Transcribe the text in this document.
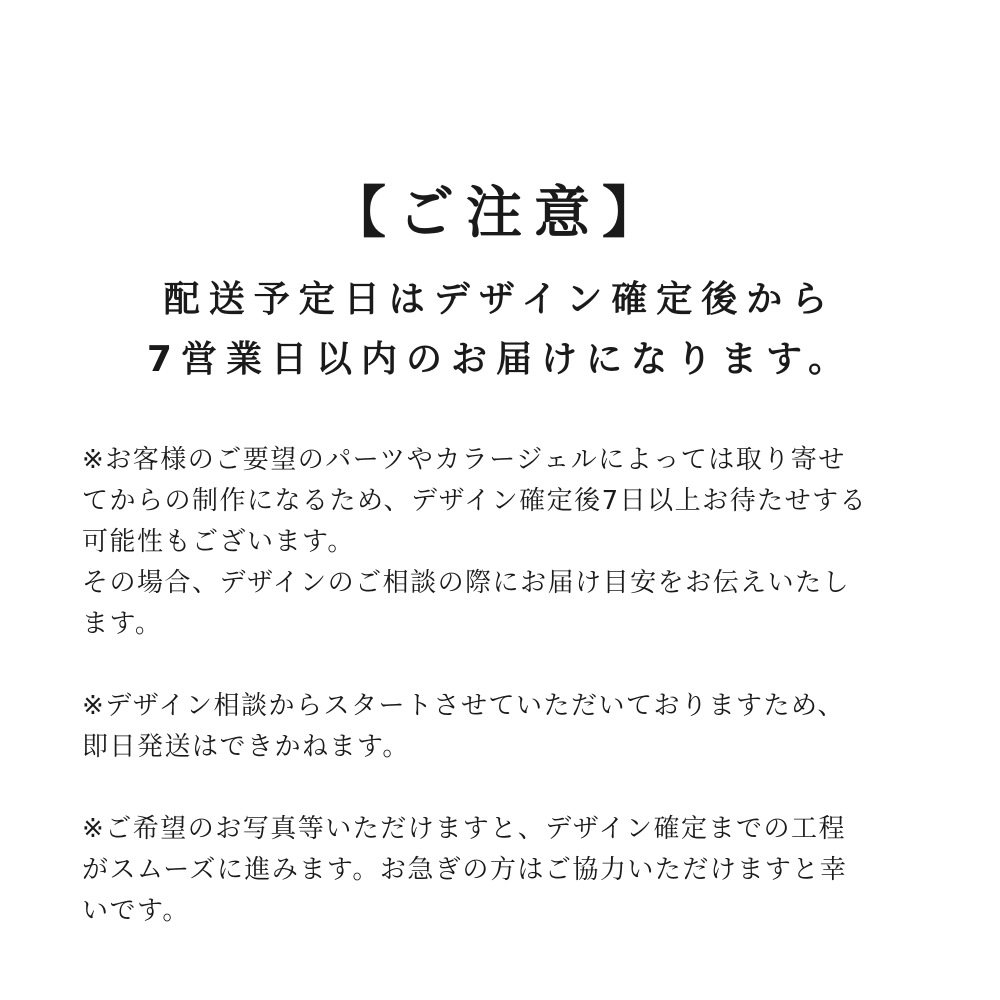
【ご注意】
配送予定日はデザイン確定後から
7営業日以内のお届けになります。
※お客様のご要望のパーツやカラージェルによっては取り寄せ
てからの制作になるため、デザイン確定後7日以上お待たせする
可能性もございます。
その場合、デザインのご相談の際にお届け目安をお伝えいたし
ます。
※デザイン相談からスタートさせていただいておりますため、
即日発送はできかねます。
※ご希望のお写真等いただけますと、デザイン確定までの工程
がスムーズに進みます。お急ぎの方はご協力いただけますと幸
いです。
